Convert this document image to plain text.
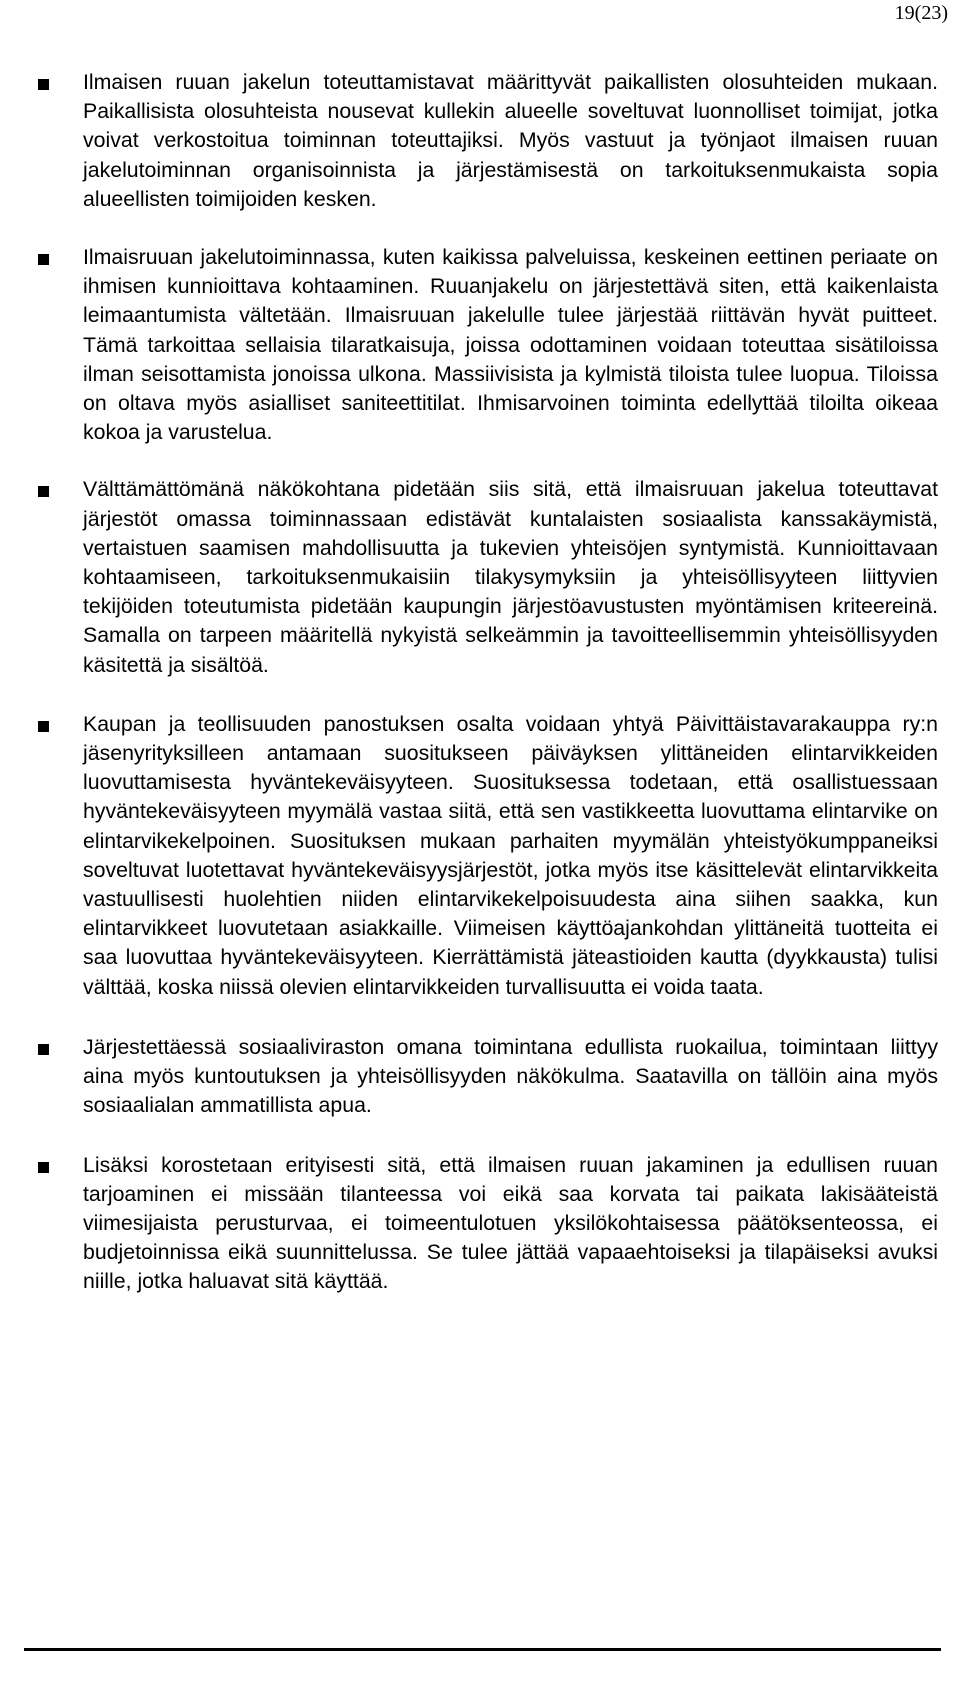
19(23)

Ilmaisen ruuan jakelun toteuttamistavat määrittyvät paikallisten olosuhteiden mukaan. Paikallisista olosuhteista nousevat kullekin alueelle soveltuvat luonnolliset toimijat, jotka voivat verkostoitua toiminnan toteuttajiksi. Myös vastuut ja työnjaot ilmaisen ruuan jakelutoiminnan organisoinnista ja järjestämisestä on tarkoituksenmukaista sopia alueellisten toimijoiden kesken.

Ilmaisruuan jakelutoiminnassa, kuten kaikissa palveluissa, keskeinen eettinen periaate on ihmisen kunnioittava kohtaaminen. Ruuanjakelu on järjestettävä siten, että kaikenlaista leimaantumista vältetään. Ilmaisruuan jakelulle tulee järjestää riittävän hyvät puitteet. Tämä tarkoittaa sellaisia tilaratkaisuja, joissa odottaminen voidaan toteuttaa sisätiloissa ilman seisottamista jonoissa ulkona. Massiivisista ja kylmistä tiloista tulee luopua. Tiloissa on oltava myös asialliset saniteettitilat. Ihmisarvoinen toiminta edellyttää tiloilta oikeaa kokoa ja varustelua.

Välttämättömänä näkökohtana pidetään siis sitä, että ilmaisruuan jakelua toteuttavat järjestöt omassa toiminnassaan edistävät kuntalaisten sosiaalista kanssakäymistä, vertaistuen saamisen mahdollisuutta ja tukevien yhteisöjen syntymistä. Kunnioittavaan kohtaamiseen, tarkoituksenmukaisiin tilakysymyksiin ja yhteisöllisyyteen liittyvien tekijöiden toteutumista pidetään kaupungin järjestöavustusten myöntämisen kriteereinä. Samalla on tarpeen määritellä nykyistä selkeämmin ja tavoitteellisemmin yhteisöllisyyden käsitettä ja sisältöä.

Kaupan ja teollisuuden panostuksen osalta voidaan yhtyä Päivittäistavarakauppa ry:n jäsenyrityksilleen antamaan suositukseen päiväyksen ylittäneiden elintarvikkeiden luovuttamisesta hyväntekeväisyyteen. Suosituksessa todetaan, että osallistuessaan hyväntekeväisyyteen myymälä vastaa siitä, että sen vastikkeetta luovuttama elintarvike on elintarvikekelpoinen. Suosituksen mukaan parhaiten myymälän yhteistyökumppaneiksi soveltuvat luotettavat hyväntekeväisyysjärjestöt, jotka myös itse käsittelevät elintarvikkeita vastuullisesti huolehtien niiden elintarvikekelpoisuudesta aina siihen saakka, kun elintarvikkeet luovutetaan asiakkaille. Viimeisen käyttöajankohdan ylittäneitä tuotteita ei saa luovuttaa hyväntekeväisyyteen. Kierrättämistä jäteastioiden kautta (dyykkausta) tulisi välttää, koska niissä olevien elintarvikkeiden turvallisuutta ei voida taata.

Järjestettäessä sosiaaliviraston omana toimintana edullista ruokailua, toimintaan liittyy aina myös kuntoutuksen ja yhteisöllisyyden näkökulma. Saatavilla on tällöin aina myös sosiaalialan ammatillista apua.

Lisäksi korostetaan erityisesti sitä, että ilmaisen ruuan jakaminen ja edullisen ruuan tarjoaminen ei missään tilanteessa voi eikä saa korvata tai paikata lakisääteistä viimesijaista perusturvaa, ei toimeentulotuen yksilökohtaisessa päätöksenteossa, ei budjetoinnissa eikä suunnittelussa. Se tulee jättää vapaaehtoiseksi ja tilapäiseksi avuksi niille, jotka haluavat sitä käyttää.
